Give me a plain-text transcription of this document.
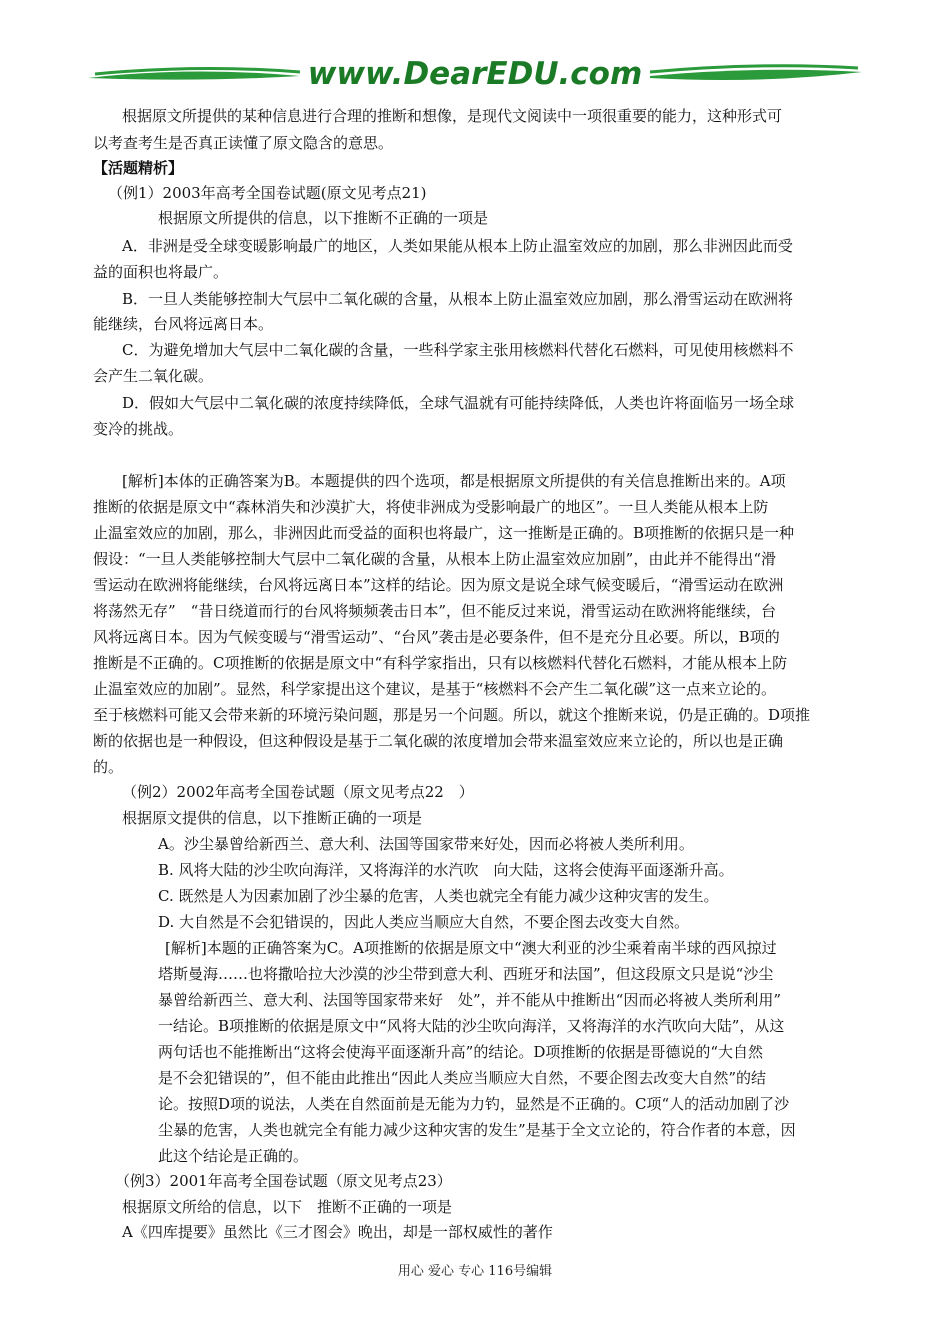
www.DearEDU.com
根据原文所提供的某种信息进行合理的推断和想像，是现代文阅读中一项很重要的能力，这种形式可
以考查考生是否真正读懂了原文隐含的意思。
【活题精析】
（例1）2003年高考全国卷试题(原文见考点21)
根据原文所提供的信息，以下推断不正确的一项是
A．非洲是受全球变暖影响最广的地区，人类如果能从根本上防止温室效应的加剧，那么非洲因此而受
益的面积也将最广。
B．一旦人类能够控制大气层中二氧化碳的含量，从根本上防止温室效应加剧，那么滑雪运动在欧洲将
能继续，台风将远离日本。
C．为避免增加大气层中二氧化碳的含量，一些科学家主张用核燃料代替化石燃料，可见使用核燃料不
会产生二氧化碳。
D．假如大气层中二氧化碳的浓度持续降低，全球气温就有可能持续降低，人类也许将面临另一场全球
变冷的挑战。
[解析]本体的正确答案为B。本题提供的四个选项，都是根据原文所提供的有关信息推断出来的。A项
推断的依据是原文中“森林消失和沙漠扩大，将使非洲成为受影响最广的地区”。一旦人类能从根本上防
止温室效应的加剧，那么，非洲因此而受益的面积也将最广，这一推断是正确的。B项推断的依据只是一种
假设：“一旦人类能够控制大气层中二氧化碳的含量，从根本上防止温室效应加剧”，由此并不能得出“滑
雪运动在欧洲将能继续，台风将远离日本”这样的结论。因为原文是说全球气候变暖后，“滑雪运动在欧洲
将荡然无存”　“昔日绕道而行的台风将频频袭击日本”，但不能反过来说，滑雪运动在欧洲将能继续，台
风将远离日本。因为气候变暖与“滑雪运动”、“台风”袭击是必要条件，但不是充分且必要。所以，B项的
推断是不正确的。C项推断的依据是原文中“有科学家指出，只有以核燃料代替化石燃料，才能从根本上防
止温室效应的加剧”。显然，科学家提出这个建议，是基于“核燃料不会产生二氧化碳”这一点来立论的。
至于核燃料可能又会带来新的环境污染问题，那是另一个问题。所以，就这个推断来说，仍是正确的。D项推
断的依据也是一种假设，但这种假设是基于二氧化碳的浓度增加会带来温室效应来立论的，所以也是正确
的。
（例2）2002年高考全国卷试题（原文见考点22　）
根据原文提供的信息，以下推断正确的一项是
A。沙尘暴曾给新西兰、意大利、法国等国家带来好处，因而必将被人类所利用。
B. 风将大陆的沙尘吹向海洋，又将海洋的水汽吹　向大陆，这将会使海平面逐渐升高。
C. 既然是人为因素加剧了沙尘暴的危害，人类也就完全有能力减少这种灾害的发生。
D. 大自然是不会犯错误的，因此人类应当顺应大自然，不要企图去改变大自然。
[解析]本题的正确答案为C。A项推断的依据是原文中“澳大利亚的沙尘乘着南半球的西风掠过
塔斯曼海……也将撒哈拉大沙漠的沙尘带到意大利、西班牙和法国”，但这段原文只是说“沙尘
暴曾给新西兰、意大利、法国等国家带来好　处”，并不能从中推断出“因而必将被人类所利用”
一结论。B项推断的依据是原文中“风将大陆的沙尘吹向海洋，又将海洋的水汽吹向大陆”，从这
两句话也不能推断出“这将会使海平面逐渐升高”的结论。D项推断的依据是哥德说的“大自然
是不会犯错误的”，但不能由此推出“因此人类应当顺应大自然，不要企图去改变大自然”的结
论。按照D项的说法，人类在自然面前是无能为力钓，显然是不正确的。C项“人的活动加剧了沙
尘暴的危害，人类也就完全有能力减少这种灾害的发生”是基于全文立论的，符合作者的本意，因
此这个结论是正确的。
（例3）2001年高考全国卷试题（原文见考点23）
根据原文所给的信息，以下　推断不正确的一项是
A《四库提要》虽然比《三才图会》晚出，却是一部权威性的著作
用心 爱心 专心 116号编辑
